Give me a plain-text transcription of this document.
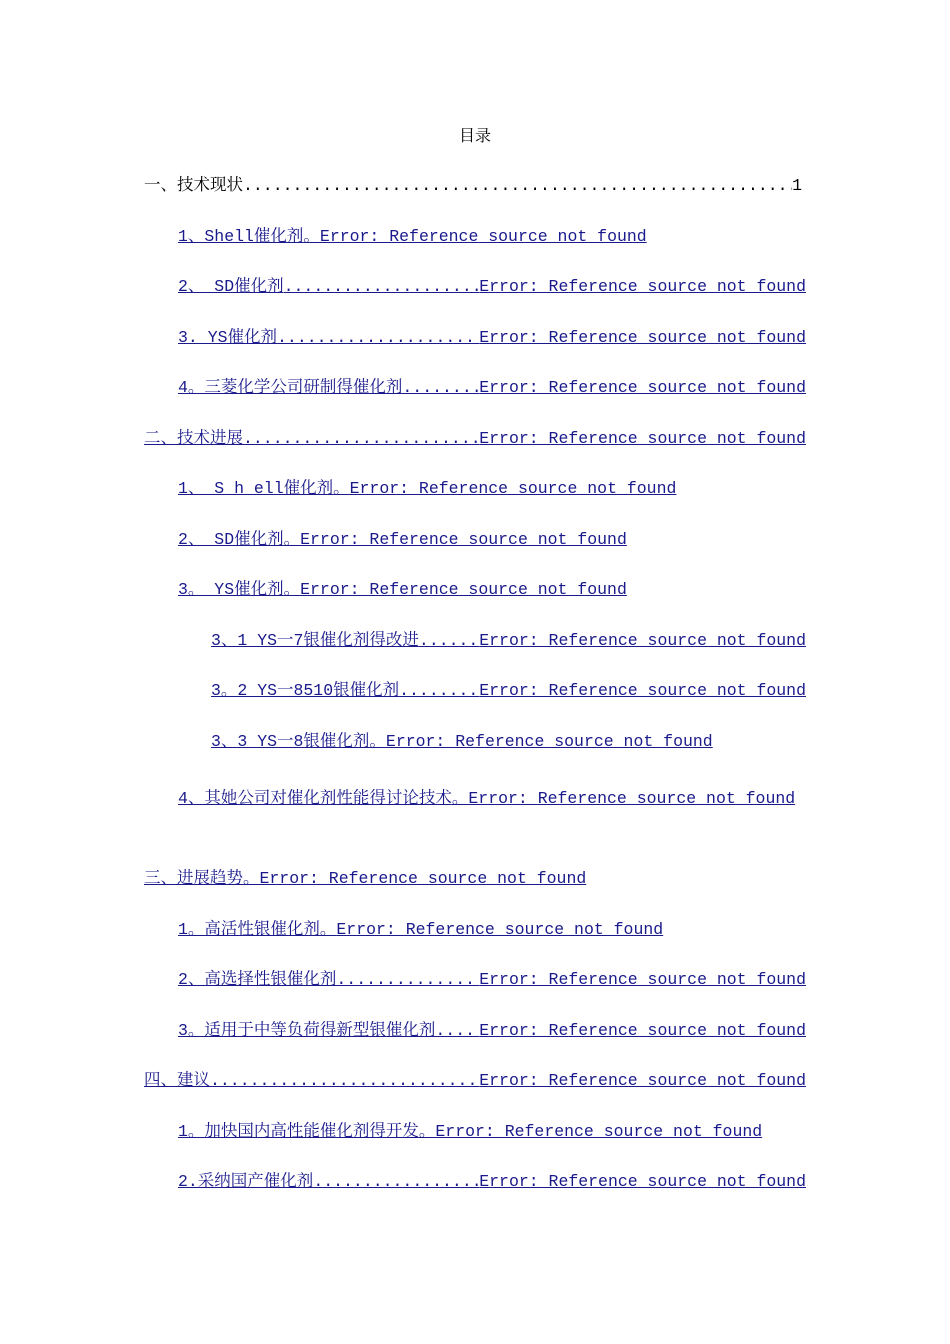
目录
一、技术现状 .....	1
1、Shell催化剂。Error: Reference source not found
2、 SD催化剂 .....	Error: Reference source not found
3. YS催化剂 .....	Error: Reference source not found
4。三菱化学公司研制得催化剂 .....	Error: Reference source not found
二、技术进展 .....	Error: Reference source not found
1、 S h ell催化剂。Error: Reference source not found
2、 SD催化剂。Error: Reference source not found
3。 YS催化剂。Error: Reference source not found
3、1 YS一7银催化剂得改进 .....	Error: Reference source not found
3。2 YS一8510银催化剂 .....	Error: Reference source not found
3、3 YS一8银催化剂。Error: Reference source not found
4、其她公司对催化剂性能得讨论技术。Error: Reference source not found
三、进展趋势。Error: Reference source not found
1。高活性银催化剂。Error: Reference source not found
2、高选择性银催化剂 .....	Error: Reference source not found
3。适用于中等负荷得新型银催化剂 .....	Error: Reference source not found
四、建议 .....	Error: Reference source not found
1。加快国内高性能催化剂得开发。Error: Reference source not found
2.采纳国产催化剂 .....	Error: Reference source not found
